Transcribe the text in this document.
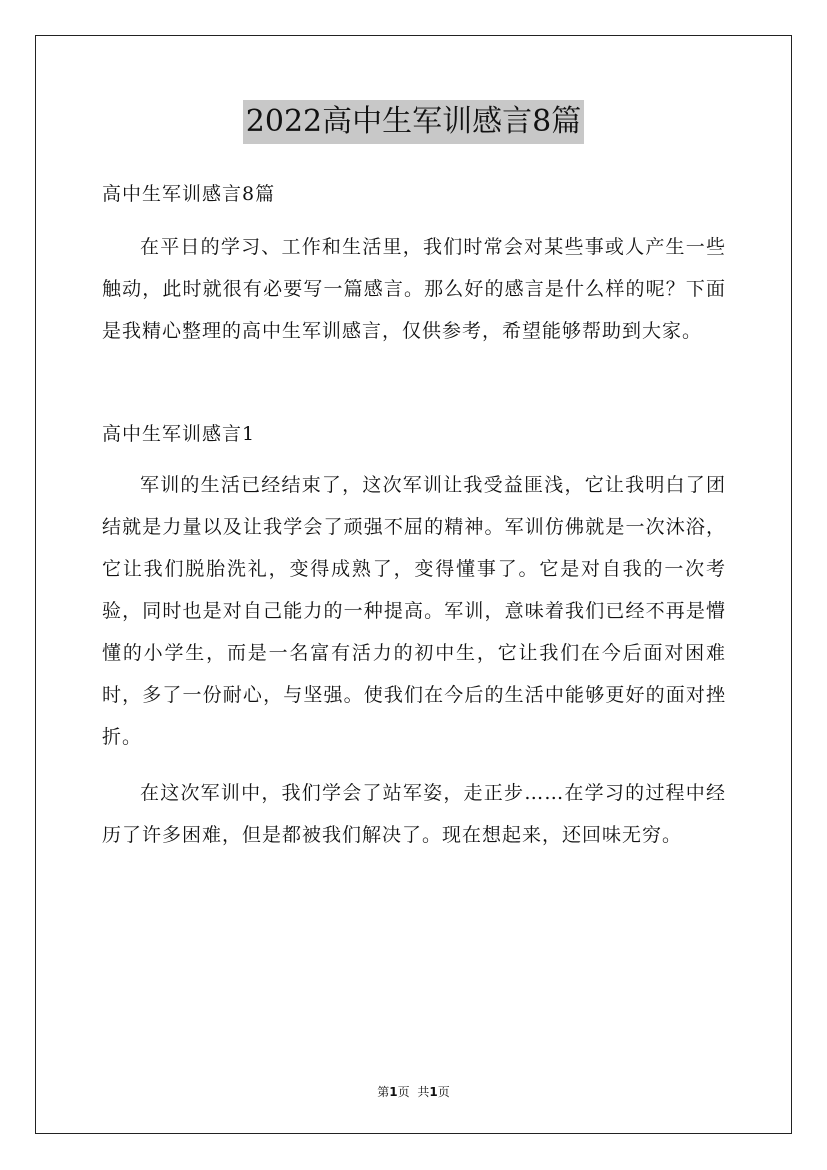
2022高中生军训感言8篇

高中生军训感言8篇

在平日的学习、工作和生活里，我们时常会对某些事或人产生一些触动，此时就很有必要写一篇感言。那么好的感言是什么样的呢？下面是我精心整理的高中生军训感言，仅供参考，希望能够帮助到大家。

高中生军训感言1

军训的生活已经结束了，这次军训让我受益匪浅，它让我明白了团结就是力量以及让我学会了顽强不屈的精神。军训仿佛就是一次沐浴，它让我们脱胎洗礼，变得成熟了，变得懂事了。它是对自我的一次考验，同时也是对自己能力的一种提高。军训，意味着我们已经不再是懵懂的小学生，而是一名富有活力的初中生，它让我们在今后面对困难时，多了一份耐心，与坚强。使我们在今后的生活中能够更好的面对挫折。

在这次军训中，我们学会了站军姿，走正步……在学习的过程中经历了许多困难，但是都被我们解决了。现在想起来，还回味无穷。

第1页 共1页
